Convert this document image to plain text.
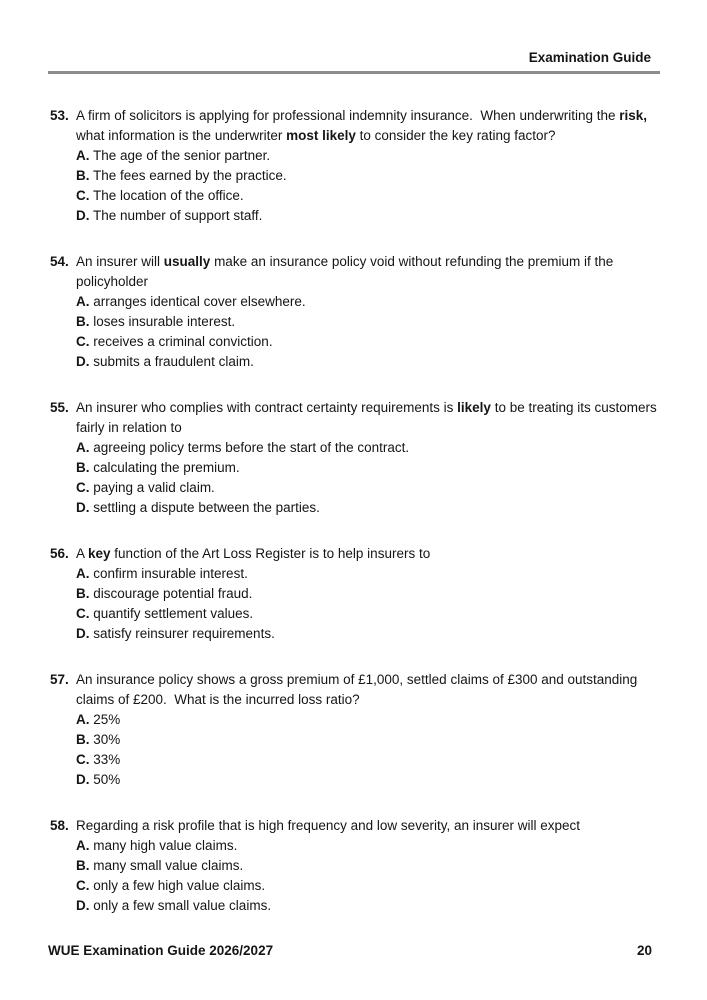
Examination Guide
53. A firm of solicitors is applying for professional indemnity insurance.  When underwriting the risk, what information is the underwriter most likely to consider the key rating factor?

A. The age of the senior partner.
B. The fees earned by the practice.
C. The location of the office.
D. The number of support staff.
54. An insurer will usually make an insurance policy void without refunding the premium if the policyholder

A. arranges identical cover elsewhere.
B. loses insurable interest.
C. receives a criminal conviction.
D. submits a fraudulent claim.
55. An insurer who complies with contract certainty requirements is likely to be treating its customers fairly in relation to

A. agreeing policy terms before the start of the contract.
B. calculating the premium.
C. paying a valid claim.
D. settling a dispute between the parties.
56. A key function of the Art Loss Register is to help insurers to

A. confirm insurable interest.
B. discourage potential fraud.
C. quantify settlement values.
D. satisfy reinsurer requirements.
57. An insurance policy shows a gross premium of £1,000, settled claims of £300 and outstanding claims of £200.  What is the incurred loss ratio?

A. 25%
B. 30%
C. 33%
D. 50%
58. Regarding a risk profile that is high frequency and low severity, an insurer will expect

A. many high value claims.
B. many small value claims.
C. only a few high value claims.
D. only a few small value claims.
WUE Examination Guide 2026/2027	20
